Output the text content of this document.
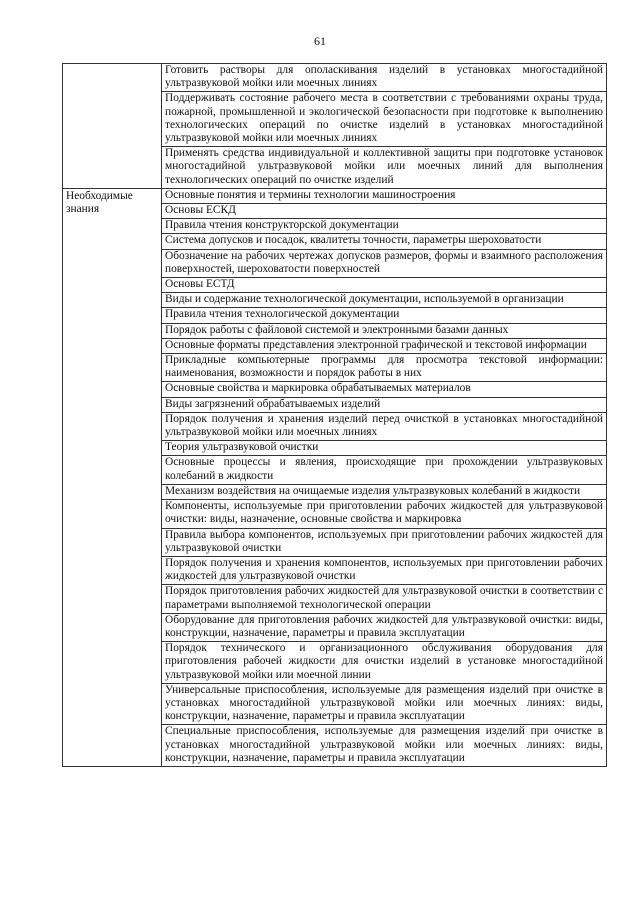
61
	Готовить растворы для ополаскивания изделий в установках многостадийной ультразвуковой мойки или моечных линиях
	Поддерживать состояние рабочего места в соответствии с требованиями охраны труда, пожарной, промышленной и экологической безопасности при подготовке к выполнению технологических операций по очистке изделий в установках многостадийной ультразвуковой мойки или моечных линиях
	Применять средства индивидуальной и коллективной защиты при подготовке установок многостадийной ультразвуковой мойки или моечных линий для выполнения технологических операций по очистке изделий
Необходимые знания	Основные понятия и термины технологии машиностроения
	Основы ЕСКД
	Правила чтения конструкторской документации
	Система допусков и посадок, квалитеты точности, параметры шероховатости
	Обозначение на рабочих чертежах допусков размеров, формы и взаимного расположения поверхностей, шероховатости поверхностей
	Основы ЕСТД
	Виды и содержание технологической документации, используемой в организации
	Правила чтения технологической документации
	Порядок работы с файловой системой и электронными базами данных
	Основные форматы представления электронной графической и текстовой информации
	Прикладные компьютерные программы для просмотра текстовой информации: наименования, возможности и порядок работы в них
	Основные свойства и маркировка обрабатываемых материалов
	Виды загрязнений обрабатываемых изделий
	Порядок получения и хранения изделий перед очисткой в установках многостадийной ультразвуковой мойки или моечных линиях
	Теория ультразвуковой очистки
	Основные процессы и явления, происходящие при прохождении ультразвуковых колебаний в жидкости
	Механизм воздействия на очищаемые изделия ультразвуковых колебаний в жидкости
	Компоненты, используемые при приготовлении рабочих жидкостей для ультразвуковой очистки: виды, назначение, основные свойства и маркировка
	Правила выбора компонентов, используемых при приготовлении рабочих жидкостей для ультразвуковой очистки
	Порядок получения и хранения компонентов, используемых при приготовлении рабочих жидкостей для ультразвуковой очистки
	Порядок приготовления рабочих жидкостей для ультразвуковой очистки в соответствии с параметрами выполняемой технологической операции
	Оборудование для приготовления рабочих жидкостей для ультразвуковой очистки: виды, конструкции, назначение, параметры и правила эксплуатации
	Порядок технического и организационного обслуживания оборудования для приготовления рабочей жидкости для очистки изделий в установке многостадийной ультразвуковой мойки или моечной линии
	Универсальные приспособления, используемые для размещения изделий при очистке в установках многостадийной ультразвуковой мойки или моечных линиях: виды, конструкции, назначение, параметры и правила эксплуатации
	Специальные приспособления, используемые для размещения изделий при очистке в установках многостадийной ультразвуковой мойки или моечных линиях: виды, конструкции, назначение, параметры и правила эксплуатации
